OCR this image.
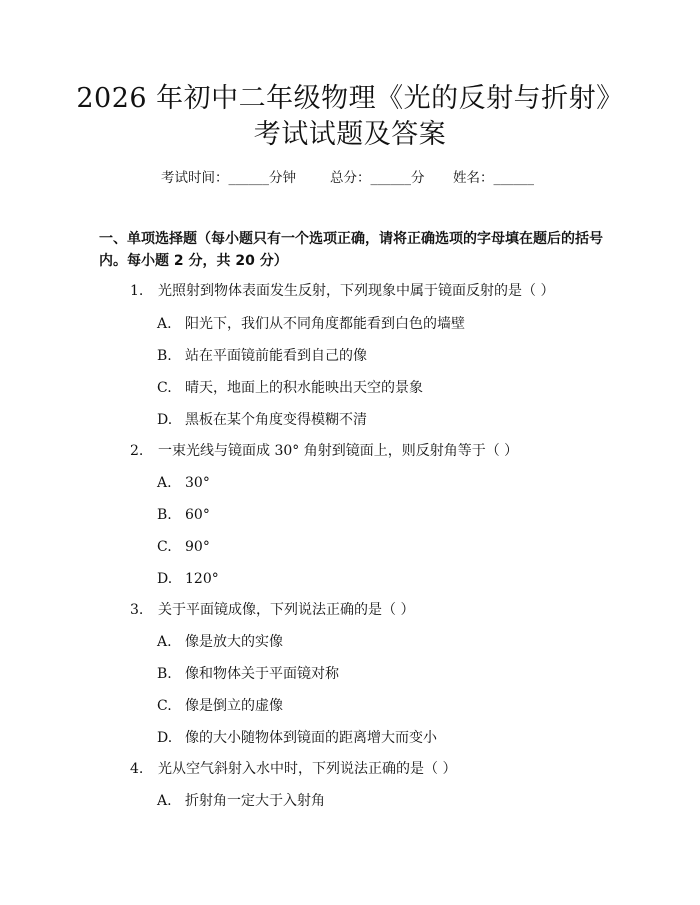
2026 年初中二年级物理《光的反射与折射》
考试试题及答案
考试时间：______分钟	总分：______分 姓名：______
一、单项选择题（每小题只有一个选项正确，请将正确选项的字母填在题后的括号内。每小题 2 分，共 20 分）
1. 光照射到物体表面发生反射，下列现象中属于镜面反射的是（ ）
A. 阳光下，我们从不同角度都能看到白色的墙壁
B. 站在平面镜前能看到自己的像
C. 晴天，地面上的积水能映出天空的景象
D. 黑板在某个角度变得模糊不清
2. 一束光线与镜面成 30° 角射到镜面上，则反射角等于（ ）
A. 30°
B. 60°
C. 90°
D. 120°
3. 关于平面镜成像，下列说法正确的是（ ）
A. 像是放大的实像
B. 像和物体关于平面镜对称
C. 像是倒立的虚像
D. 像的大小随物体到镜面的距离增大而变小
4. 光从空气斜射入水中时，下列说法正确的是（ ）
A. 折射角一定大于入射角
